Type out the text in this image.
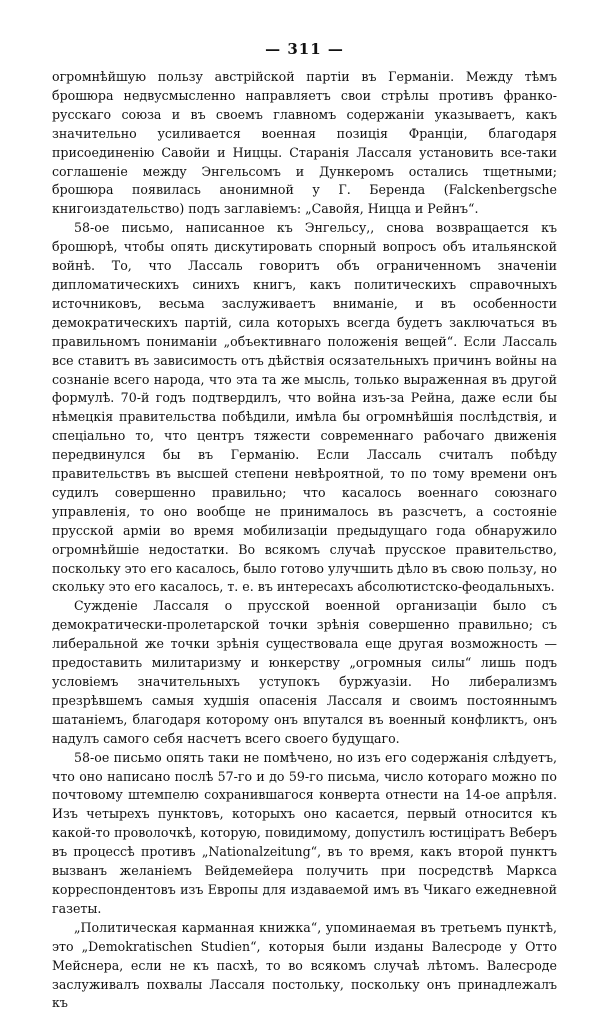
— 311 —

огромнѣйшую пользу австрійской партіи въ Германіи. Между тѣмъ брошюра недвусмысленно направляетъ свои стрѣлы противъ франко-русскаго союза и въ своемъ главномъ содержаніи указываетъ, какъ значительно усиливается военная позиція Франціи, благодаря присоединенію Савойи и Ниццы. Старанія Лассаля установить все-таки соглашеніе между Энгельсомъ и Дункеромъ остались тщетными; брошюра появилась анонимной у Г. Беренда (Falckenbergsche книгоиздательство) подъ заглавіемъ: „Савойя, Ницца и Рейнъ“.

58-ое письмо, написанное къ Энгельсу,, снова возвращается къ брошюрѣ, чтобы опять дискутировать спорный вопросъ объ итальянской войнѣ. То, что Лассаль говоритъ объ ограниченномъ значеніи дипломатическихъ синихъ книгъ, какъ политическихъ справочныхъ источниковъ, весьма заслуживаетъ вниманіе, и въ особенности демократическихъ партій, сила которыхъ всегда будетъ заключаться въ правильномъ пониманіи „объективнаго положенія вещей“. Если Лассаль все ставитъ въ зависимость отъ дѣйствія осязательныхъ причинъ войны на сознаніе всего народа, что эта та же мысль, только выраженная въ другой формулѣ. 70-й годъ подтвердилъ, что война изъ-за Рейна, даже если бы нѣмецкія правительства побѣдили, имѣла бы огромнѣйшія послѣдствія, и спеціально то, что центръ тяжести современнаго рабочаго движенія передвинулся бы въ Германію. Если Лассаль считалъ побѣду правительствъ въ высшей степени невѣроятной, то по тому времени онъ судилъ совершенно правильно; что касалось военнаго союзнаго управленія, то оно вообще не принималось въ разсчетъ, а состояніе прусской арміи во время мобилизаціи предыдущаго года обнаружило огромнѣйшіе недостатки. Во всякомъ случаѣ прусское правительство, поскольку это его касалось, было готово улучшить дѣло въ свою пользу, но скольку это его касалось, т. е. въ интересахъ абсолютистско-феодальныхъ.

Сужденіе Лассаля о прусской военной организаціи было съ демократически-пролетарской точки зрѣнія совершенно правильно; съ либеральной же точки зрѣнія существовала еще другая возможность — предоставить милитаризму и юнкерству „огромныя силы“ лишь подъ условіемъ значительныхъ уступокъ буржуазіи. Но либерализмъ презрѣвшемъ самыя худшія опасенія Лассаля и своимъ постояннымъ шатаніемъ, благодаря которому онъ впутался въ военный конфликтъ, онъ надулъ самого себя насчетъ всего своего будущаго.

58-ое письмо опять таки не помѣчено, но изъ его содержанія слѣдуетъ, что оно написано послѣ 57-го и до 59-го письма, число котораго можно по почтовому штемпелю сохранившагося конверта отнести на 14-ое апрѣля. Изъ четырехъ пунктовъ, которыхъ оно касается, первый относится къ какой-то проволочкѣ, которую, повидимому, допустилъ юстиціратъ Веберъ въ процессѣ противъ „Nationalzeitung“, въ то время, какъ второй пунктъ вызванъ желаніемъ Вейдемейера получить при посредствѣ Маркса корреспондентовъ изъ Европы для издаваемой имъ въ Чикаго ежедневной газеты.

„Политическая карманная книжка“, упоминаемая въ третьемъ пунктѣ, это „Demokratischen Studien“, которыя были изданы Валесроде у Отто Мейснера, если не къ пасхѣ, то во всякомъ случаѣ лѣтомъ. Валесроде заслуживалъ похвалы Лассаля постольку, поскольку онъ принадлежалъ къ
